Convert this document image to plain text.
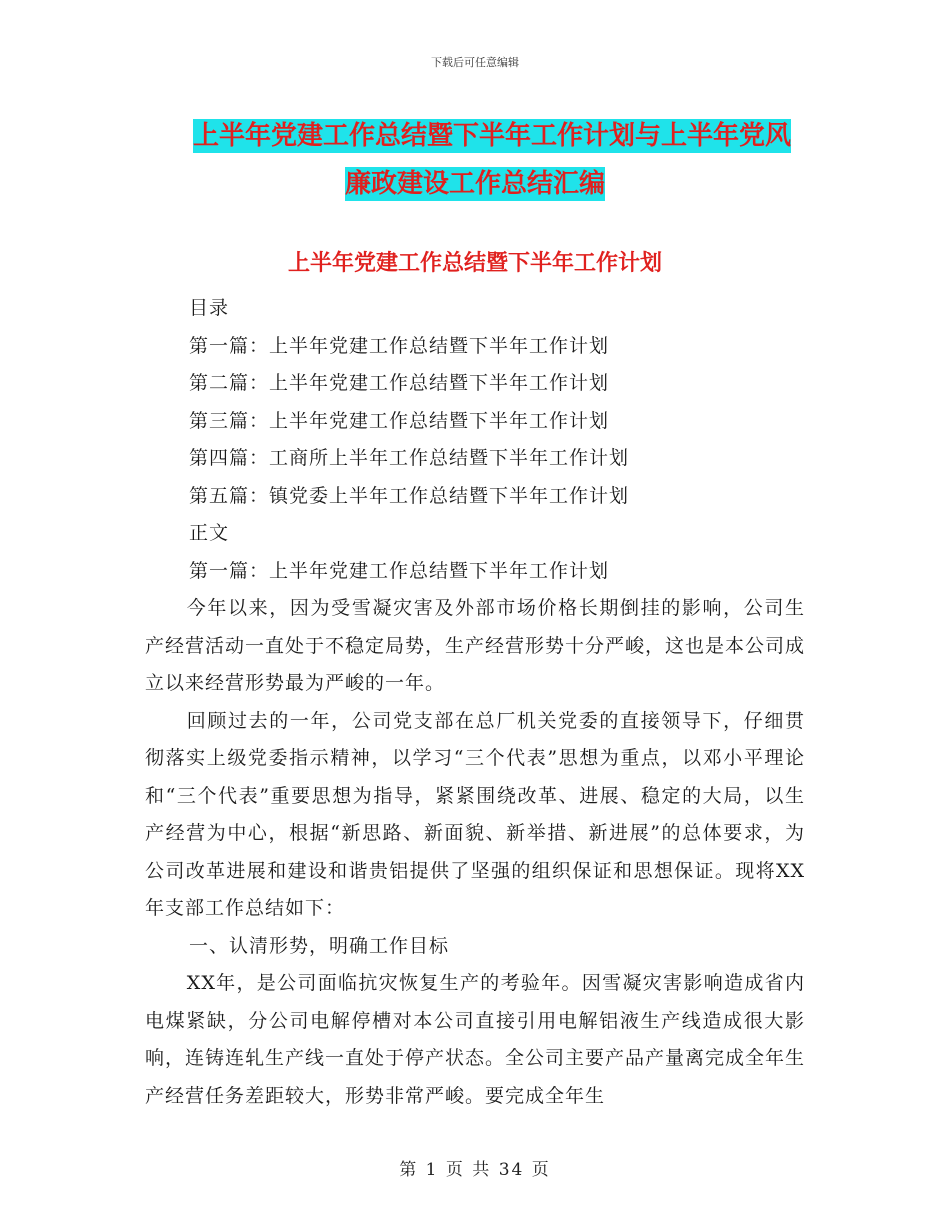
下载后可任意编辑
上半年党建工作总结暨下半年工作计划与上半年党风
廉政建设工作总结汇编
上半年党建工作总结暨下半年工作计划

目录

第一篇：上半年党建工作总结暨下半年工作计划

第二篇：上半年党建工作总结暨下半年工作计划

第三篇：上半年党建工作总结暨下半年工作计划

第四篇：工商所上半年工作总结暨下半年工作计划

第五篇：镇党委上半年工作总结暨下半年工作计划

正文

第一篇：上半年党建工作总结暨下半年工作计划

今年以来，因为受雪凝灾害及外部市场价格长期倒挂的影响，公司生产经营活动一直处于不稳定局势，生产经营形势十分严峻，这也是本公司成立以来经营形势最为严峻的一年。

回顾过去的一年，公司党支部在总厂机关党委的直接领导下，仔细贯彻落实上级党委指示精神，以学习“三个代表”思想为重点，以邓小平理论和“三个代表”重要思想为指导，紧紧围绕改革、进展、稳定的大局，以生产经营为中心，根据“新思路、新面貌、新举措、新进展”的总体要求，为公司改革进展和建设和谐贵铝提供了坚强的组织保证和思想保证。现将XX年支部工作总结如下：

一、认清形势，明确工作目标

XX年，是公司面临抗灾恢复生产的考验年。因雪凝灾害影响造成省内电煤紧缺，分公司电解停槽对本公司直接引用电解铝液生产线造成很大影响，连铸连轧生产线一直处于停产状态。全公司主要产品产量离完成全年生产经营任务差距较大，形势非常严峻。要完成全年生

第 1 页 共 34 页
